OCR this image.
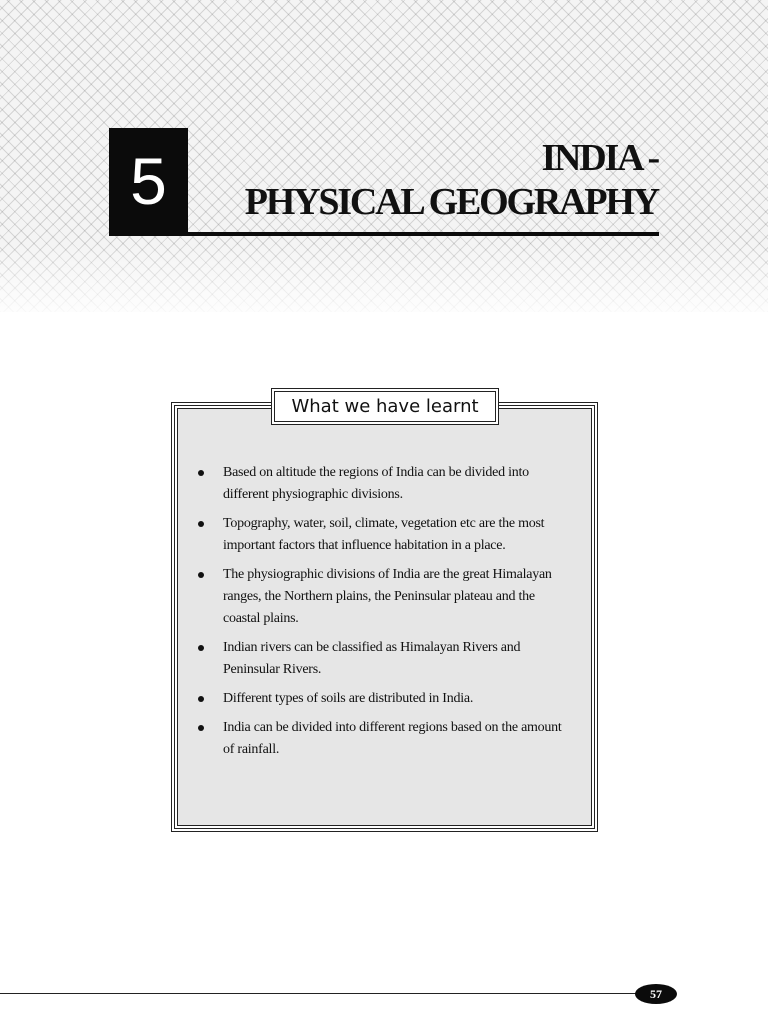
5	INDIA -
PHYSICAL GEOGRAPHY
What we have learnt
Based on altitude the regions of India can be divided into different physiographic divisions.
Topography, water, soil, climate, vegetation etc are the most important factors that influence habitation in a place.
The physiographic divisions of India are the great Himalayan ranges, the Northern plains, the Peninsular plateau and the coastal plains.
Indian rivers can be classified as Himalayan Rivers and Peninsular Rivers.
Different types of soils are distributed in India.
India can be divided into different regions based on the amount of rainfall.
57
